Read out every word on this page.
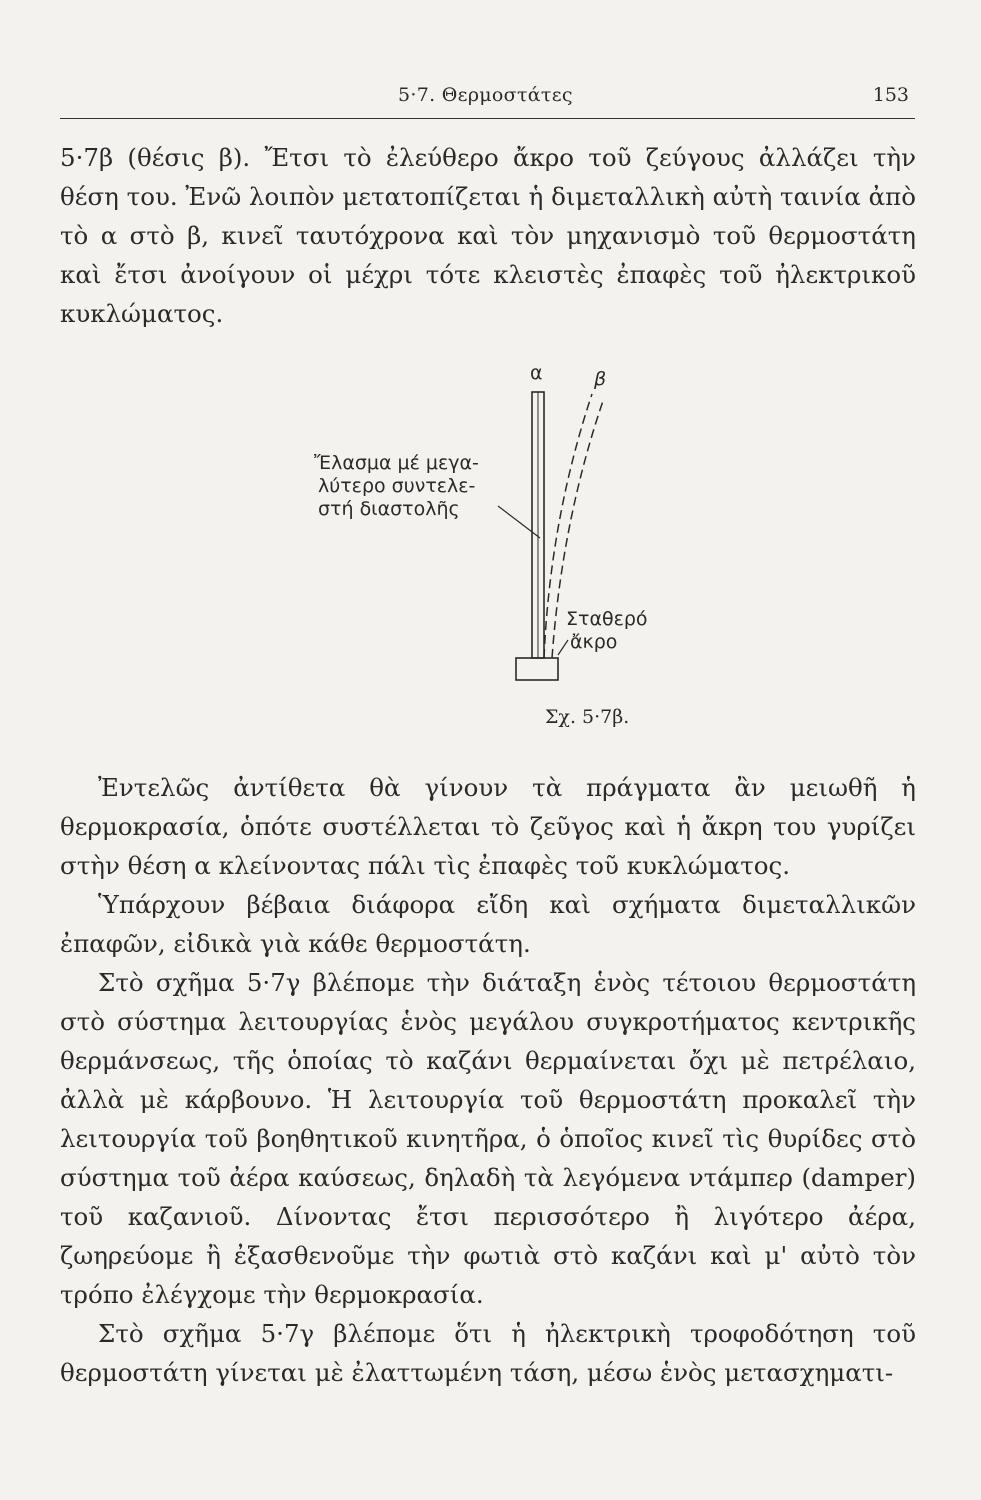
5·7. Θερμοστάτες	153

5·7β (θέσις β). Ἔτσι τὸ ἐλεύθερο ἄκρο τοῦ ζεύγους ἀλλάζει τὴν θέση του. Ἐνῶ λοιπὸν μετατοπίζεται ἡ διμεταλλικὴ αὐτὴ ταινία ἀπὸ τὸ α στὸ β, κινεῖ ταυτόχρονα καὶ τὸν μηχανισμὸ τοῦ θερμοστάτη καὶ ἔτσι ἀνοίγουν οἱ μέχρι τότε κλειστὲς ἐπαφὲς τοῦ ἠλεκτρικοῦ κυκλώματος.

α	β
Ἔλασμα μέ μεγα-
λύτερο συντελε-
στή διαστολῆς
Σταθερό
ἄκρο
Σχ. 5·7β.

Ἐντελῶς ἀντίθετα θὰ γίνουν τὰ πράγματα ἂν μειωθῆ ἡ θερμοκρασία, ὁπότε συστέλλεται τὸ ζεῦγος καὶ ἡ ἄκρη του γυρίζει στὴν θέση α κλείνοντας πάλι τὶς ἐπαφὲς τοῦ κυκλώματος.

Ὑπάρχουν βέβαια διάφορα εἴδη καὶ σχήματα διμεταλλικῶν ἐπαφῶν, εἰδικὰ γιὰ κάθε θερμοστάτη.

Στὸ σχῆμα 5·7γ βλέπομε τὴν διάταξη ἑνὸς τέτοιου θερμοστάτη στὸ σύστημα λειτουργίας ἑνὸς μεγάλου συγκροτήματος κεντρικῆς θερμάνσεως, τῆς ὁποίας τὸ καζάνι θερμαίνεται ὄχι μὲ πετρέλαιο, ἀλλὰ μὲ κάρβουνο. Ἡ λειτουργία τοῦ θερμοστάτη προκαλεῖ τὴν λειτουργία τοῦ βοηθητικοῦ κινητῆρα, ὁ ὁποῖος κινεῖ τὶς θυρίδες στὸ σύστημα τοῦ ἀέρα καύσεως, δηλαδὴ τὰ λεγόμενα ντάμπερ (damper) τοῦ καζανιοῦ. Δίνοντας ἔτσι περισσότερο ἢ λιγότερο ἀέρα, ζωηρεύομε ἢ ἐξασθενοῦμε τὴν φωτιὰ στὸ καζάνι καὶ μ' αὐτὸ τὸν τρόπο ἐλέγχομε τὴν θερμοκρασία.

Στὸ σχῆμα 5·7γ βλέπομε ὅτι ἡ ἠλεκτρικὴ τροφοδότηση τοῦ θερμοστάτη γίνεται μὲ ἐλαττωμένη τάση, μέσω ἑνὸς μετασχηματι-
